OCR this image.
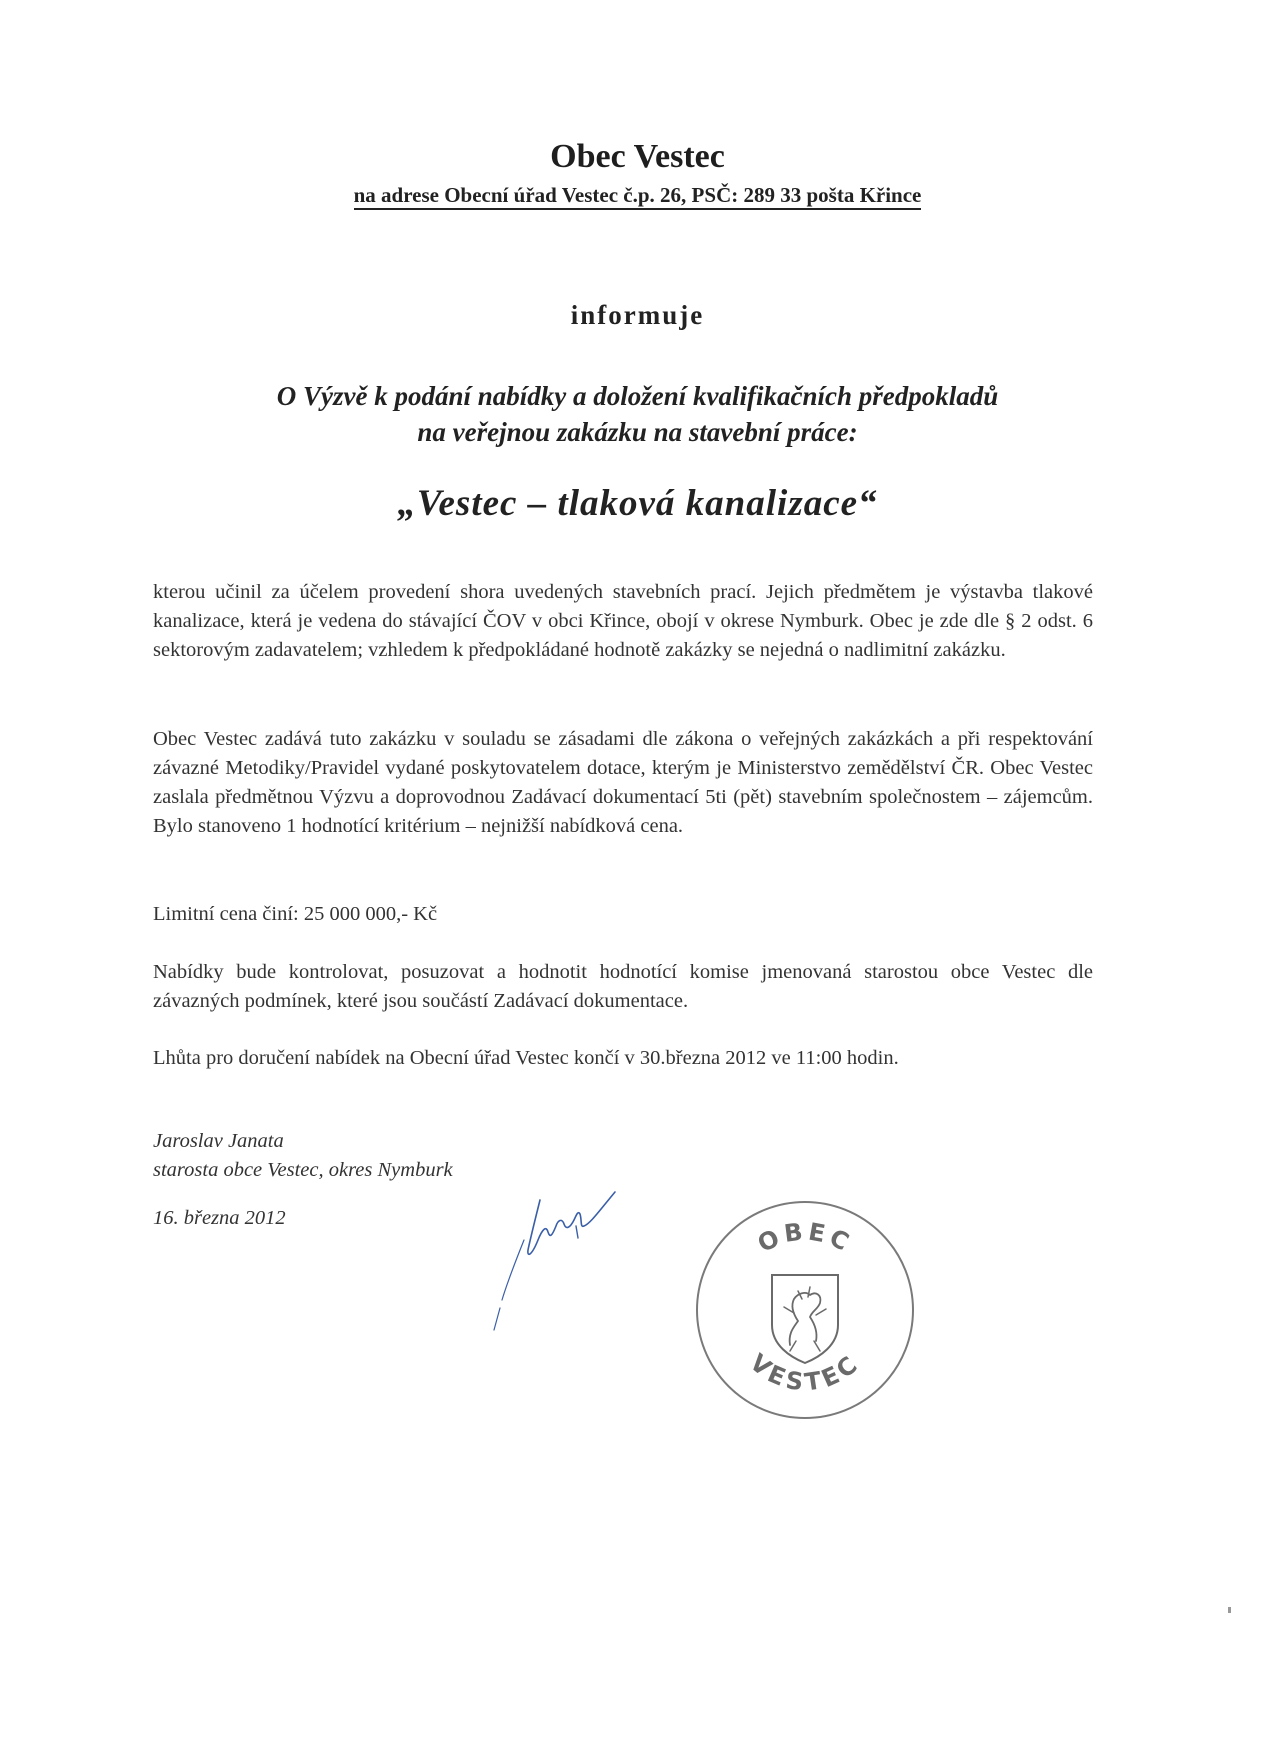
Obec Vestec
na adrese Obecní úřad Vestec č.p. 26, PSČ: 289 33 pošta Křince
informuje
O Výzvě k podání nabídky a doložení kvalifikačních předpokladů
na veřejnou zakázku na stavební práce:
„Vestec – tlaková kanalizace“
kterou učinil za účelem provedení shora uvedených stavebních prací. Jejich předmětem je výstavba tlakové kanalizace, která je vedena do stávající ČOV v obci Křince, obojí v okrese Nymburk. Obec je zde dle § 2 odst. 6 sektorovým zadavatelem; vzhledem k předpokládané hodnotě zakázky se nejedná o nadlimitní zakázku.
Obec Vestec zadává tuto zakázku v souladu se zásadami dle zákona o veřejných zakázkách a při respektování závazné Metodiky/Pravidel vydané poskytovatelem dotace, kterým je Ministerstvo zemědělství ČR. Obec Vestec zaslala předmětnou Výzvu a doprovodnou Zadávací dokumentací 5ti (pět) stavebním společnostem – zájemcům. Bylo stanoveno 1 hodnotící kritérium – nejnižší nabídková cena.
Limitní cena činí: 25 000 000,- Kč
Nabídky bude kontrolovat, posuzovat a hodnotit hodnotící komise jmenovaná starostou obce Vestec dle závazných podmínek, které jsou součástí Zadávací dokumentace.
Lhůta pro doručení nabídek na Obecní úřad Vestec končí v 30.března 2012 ve 11:00 hodin.
Jaroslav Janata
starosta obce Vestec, okres Nymburk
16. března 2012
OBEC
VESTEC
